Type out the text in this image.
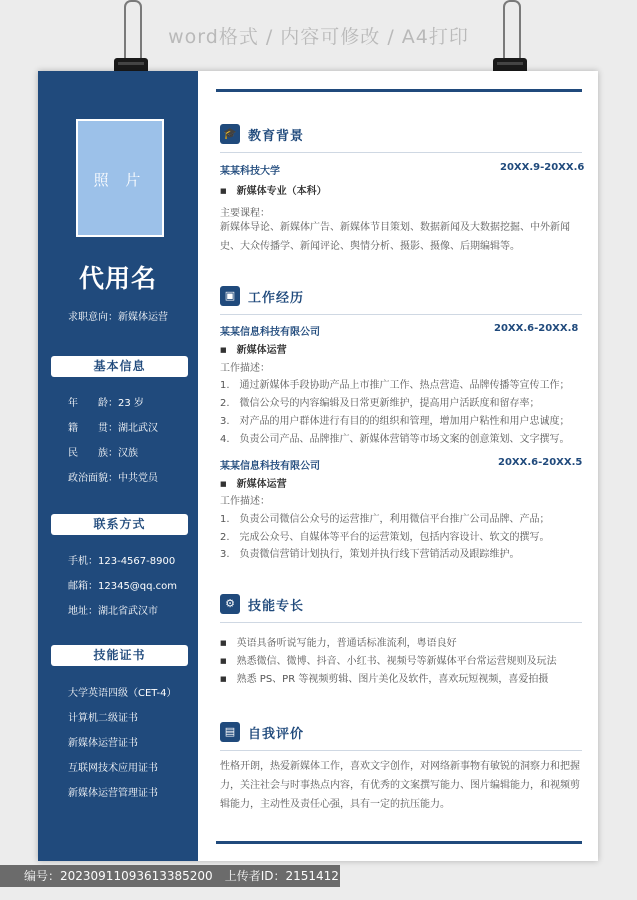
word格式 / 内容可修改 / A4打印
照 片
代用名
求职意向：新媒体运营
基本信息
年　　龄：23 岁
籍　　贯：湖北武汉
民　　族：汉族
政治面貌：中共党员
联系方式
手机：123-4567-8900
邮箱：12345@qq.com
地址：湖北省武汉市
技能证书
大学英语四级（CET-4）
计算机二级证书
新媒体运营证书
互联网技术应用证书
新媒体运营管理证书
🎓 教育背景
某某科技大学	20XX.9-20XX.6
■ 新媒体专业（本科）
主要课程：
新媒体导论、新媒体广告、新媒体节目策划、数据新闻及大数据挖掘、中外新闻史、大众传播学、新闻评论、舆情分析、摄影、摄像、后期编辑等。
▣ 工作经历
某某信息科技有限公司	20XX.6-20XX.8
■ 新媒体运营
工作描述：
1.　通过新媒体手段协助产品上市推广工作、热点营造、品牌传播等宣传工作；
2.　微信公众号的内容编辑及日常更新维护，提高用户活跃度和留存率；
3.　对产品的用户群体进行有目的的组织和管理，增加用户粘性和用户忠诚度；
4.　负责公司产品、品牌推广、新媒体营销等市场文案的创意策划、文字撰写。
某某信息科技有限公司	20XX.6-20XX.5
■ 新媒体运营
工作描述：
1.　负责公司微信公众号的运营推广，利用微信平台推广公司品牌、产品；
2.　完成公众号、自媒体等平台的运营策划，包括内容设计、软文的撰写。
3.　负责微信营销计划执行，策划并执行线下营销活动及跟踪维护。
⚙	技能专长
■ 英语具备听说写能力，普通话标准流利，粤语良好
■ 熟悉微信、微博、抖音、小红书、视频号等新媒体平台常运营规则及玩法
■ 熟悉 PS、PR 等视频剪辑、图片美化及软件，喜欢玩短视频，喜爱拍摄
▤ 自我评价
性格开朗，热爱新媒体工作，喜欢文字创作，对网络新事物有敏锐的洞察力和把握力，关注社会与时事热点内容，有优秀的文案撰写能力、图片编辑能力，和视频剪辑能力，主动性及责任心强，具有一定的抗压能力。
编号：20230911093613385200　上传者ID：2151412
